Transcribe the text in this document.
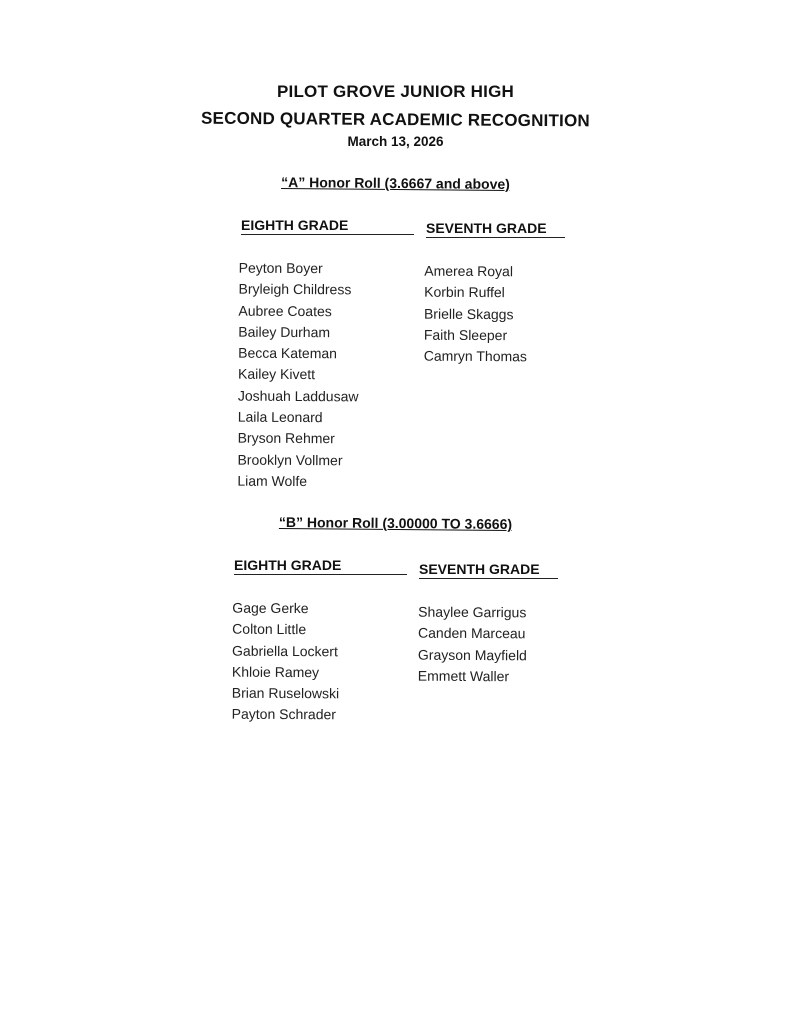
PILOT GROVE JUNIOR HIGH
SECOND QUARTER ACADEMIC RECOGNITION
March 13, 2026
“A” Honor Roll (3.6667 and above)
EIGHTH GRADE	SEVENTH GRADE
Peyton Boyer
Bryleigh Childress
Aubree Coates
Bailey Durham
Becca Kateman
Kailey Kivett
Joshuah Laddusaw
Laila Leonard
Bryson Rehmer
Brooklyn Vollmer
Liam Wolfe
Amerea Royal
Korbin Ruffel
Brielle Skaggs
Faith Sleeper
Camryn Thomas
“B” Honor Roll (3.00000 TO 3.6666)
EIGHTH GRADE	SEVENTH GRADE
Gage Gerke
Colton Little
Gabriella Lockert
Khloie Ramey
Brian Ruselowski
Payton Schrader
Shaylee Garrigus
Canden Marceau
Grayson Mayfield
Emmett Waller
